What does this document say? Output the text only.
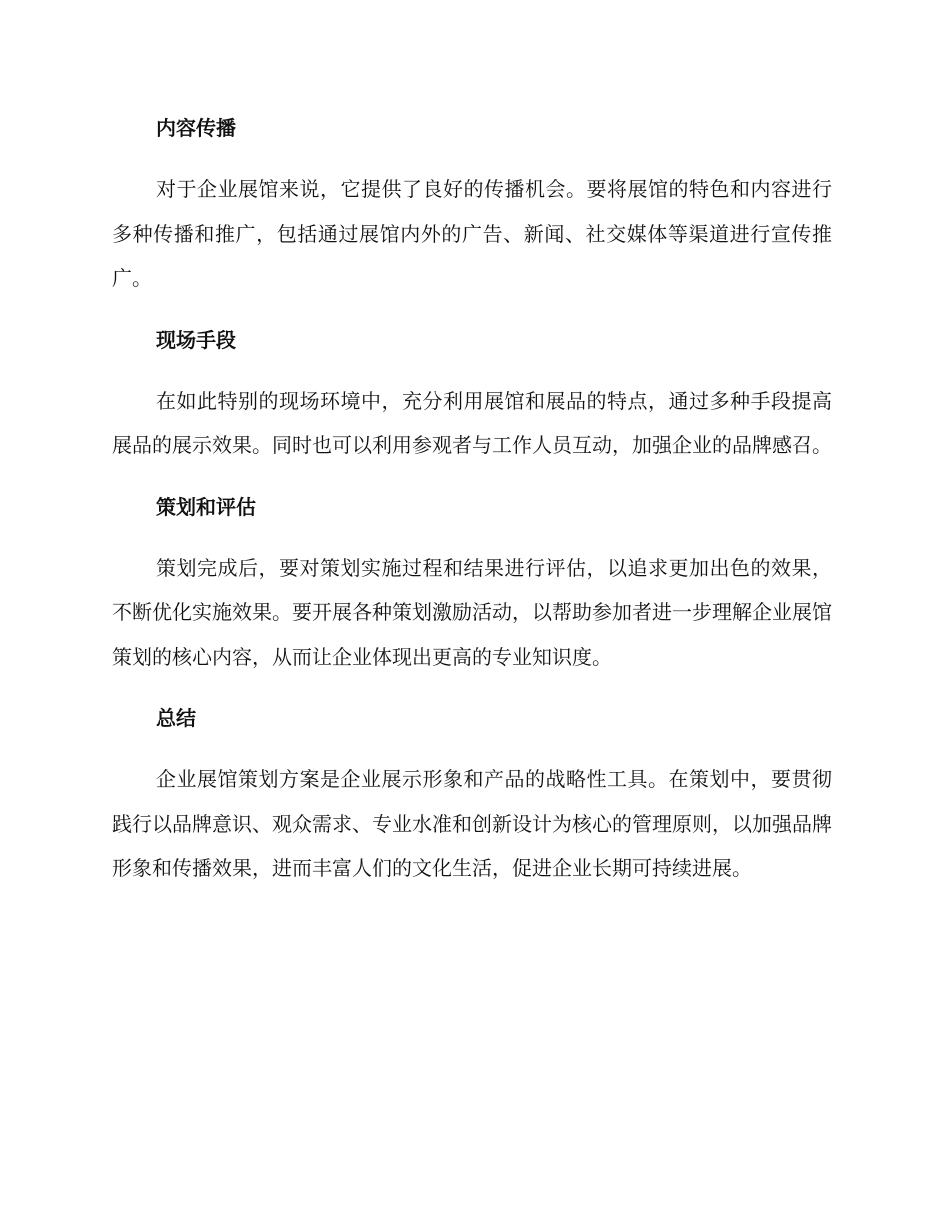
内容传播

对于企业展馆来说，它提供了良好的传播机会。要将展馆的特色和内容进行多种传播和推广，包括通过展馆内外的广告、新闻、社交媒体等渠道进行宣传推广。

现场手段

在如此特别的现场环境中，充分利用展馆和展品的特点，通过多种手段提高展品的展示效果。同时也可以利用参观者与工作人员互动，加强企业的品牌感召。

策划和评估

策划完成后，要对策划实施过程和结果进行评估，以追求更加出色的效果，不断优化实施效果。要开展各种策划激励活动，以帮助参加者进一步理解企业展馆策划的核心内容，从而让企业体现出更高的专业知识度。

总结

企业展馆策划方案是企业展示形象和产品的战略性工具。在策划中，要贯彻践行以品牌意识、观众需求、专业水准和创新设计为核心的管理原则，以加强品牌形象和传播效果，进而丰富人们的文化生活，促进企业长期可持续进展。
